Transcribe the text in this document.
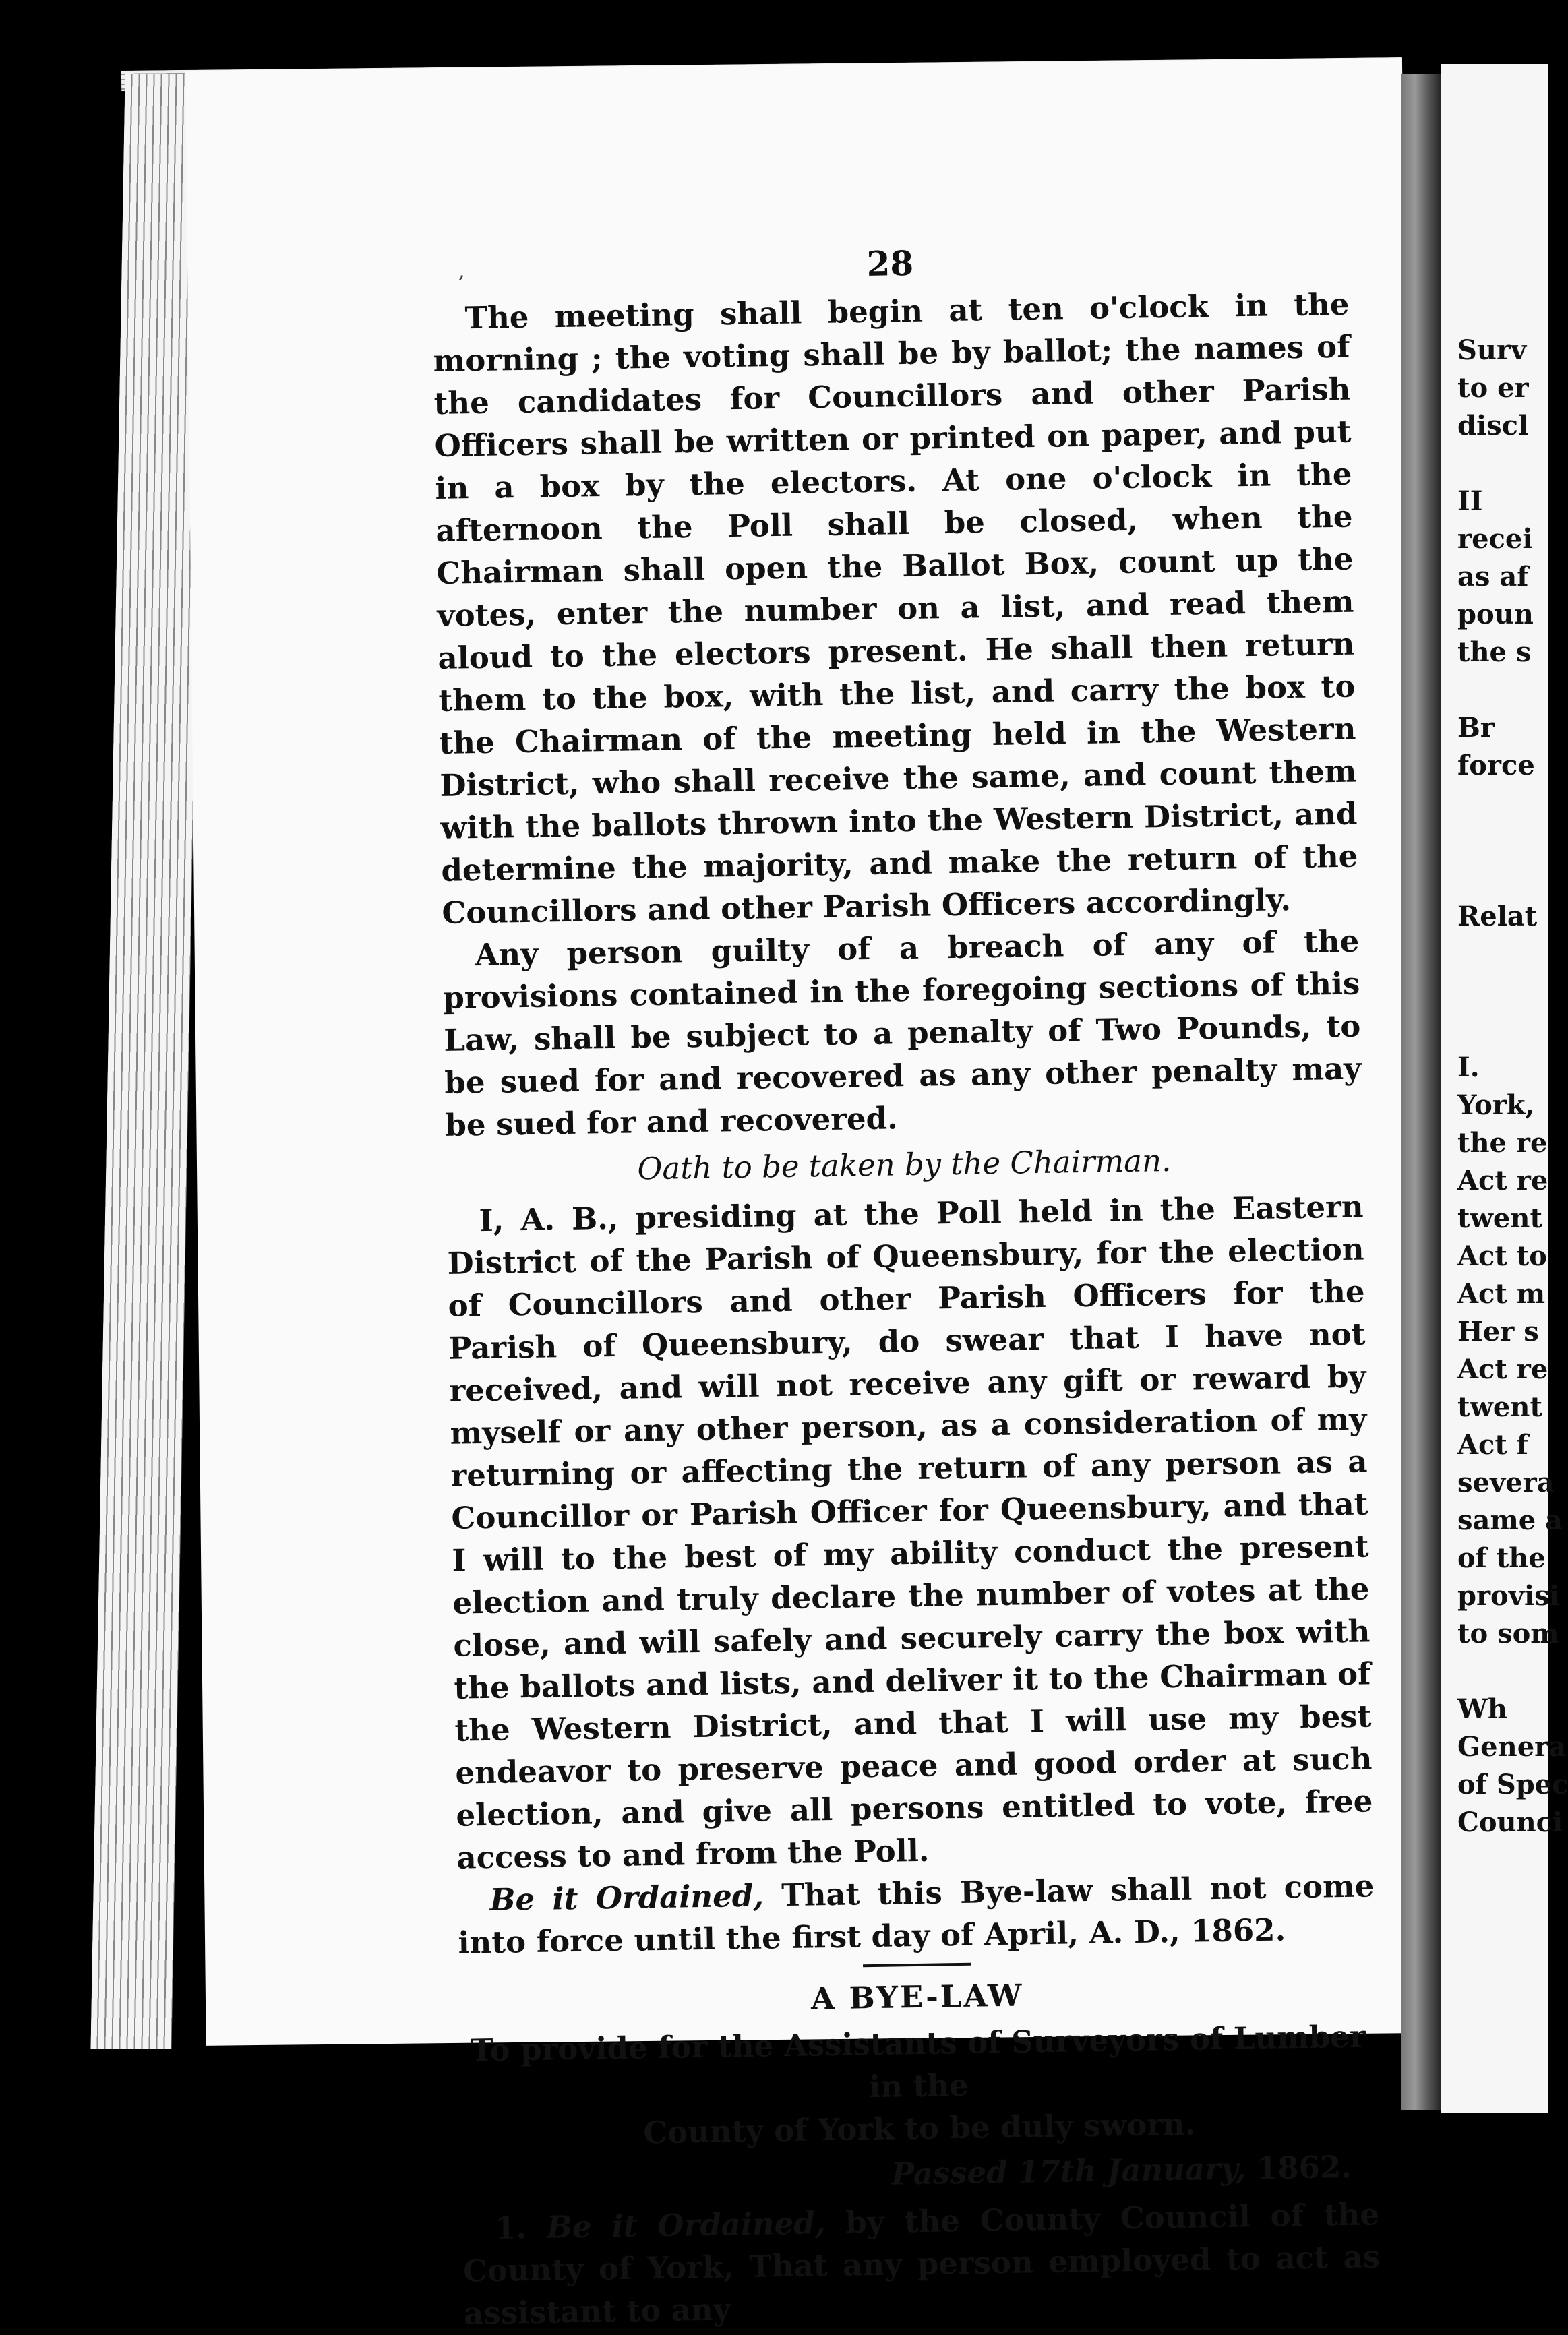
,	28

The meeting shall begin at ten o'clock in the morning ; the voting shall be by ballot; the names of the candidates for Councillors and other Parish Officers shall be written or printed on paper, and put in a box by the electors. At one o'clock in the afternoon the Poll shall be closed, when the Chairman shall open the Ballot Box, count up the votes, enter the number on a list, and read them aloud to the electors present. He shall then return them to the box, with the list, and carry the box to the Chairman of the meeting held in the Western District, who shall receive the same, and count them with the ballots thrown into the Western District, and determine the majority, and make the return of the Councillors and other Parish Officers accordingly.

Any person guilty of a breach of any of the provisions contained in the foregoing sections of this Law, shall be subject to a penalty of Two Pounds, to be sued for and recovered as any other penalty may be sued for and recovered.

Oath to be taken by the Chairman.

I, A. B., presiding at the Poll held in the Eastern District of the Parish of Queensbury, for the election of Councillors and other Parish Officers for the Parish of Queensbury, do swear that I have not received, and will not receive any gift or reward by myself or any other person, as a consideration of my returning or affecting the return of any person as a Councillor or Parish Officer for Queensbury, and that I will to the best of my ability conduct the present election and truly declare the number of votes at the close, and will safely and securely carry the box with the ballots and lists, and deliver it to the Chairman of the Western District, and that I will use my best endeavor to preserve peace and good order at such election, and give all persons entitled to vote, free access to and from the Poll.

Be it Ordained, That this Bye-law shall not come into force until the first day of April, A. D., 1862.

A BYE-LAW

To provide for the Assistants of Surveyors of Lumber in the

County of York to be duly sworn.

Passed 17th January, 1862.

1. Be it Ordained, by the County Council of the County of York, That any person employed to act as assistant to any

Surv
to er
discl
II
recei
as af
poun
the s
Br
force
Relat
I.
York,
the re
Act re
twent
Act to
Act m
Her s
Act re
twent
Act f
severa
same a
of the
provisi
to som
Wh
Genera
of Spec
Counci
